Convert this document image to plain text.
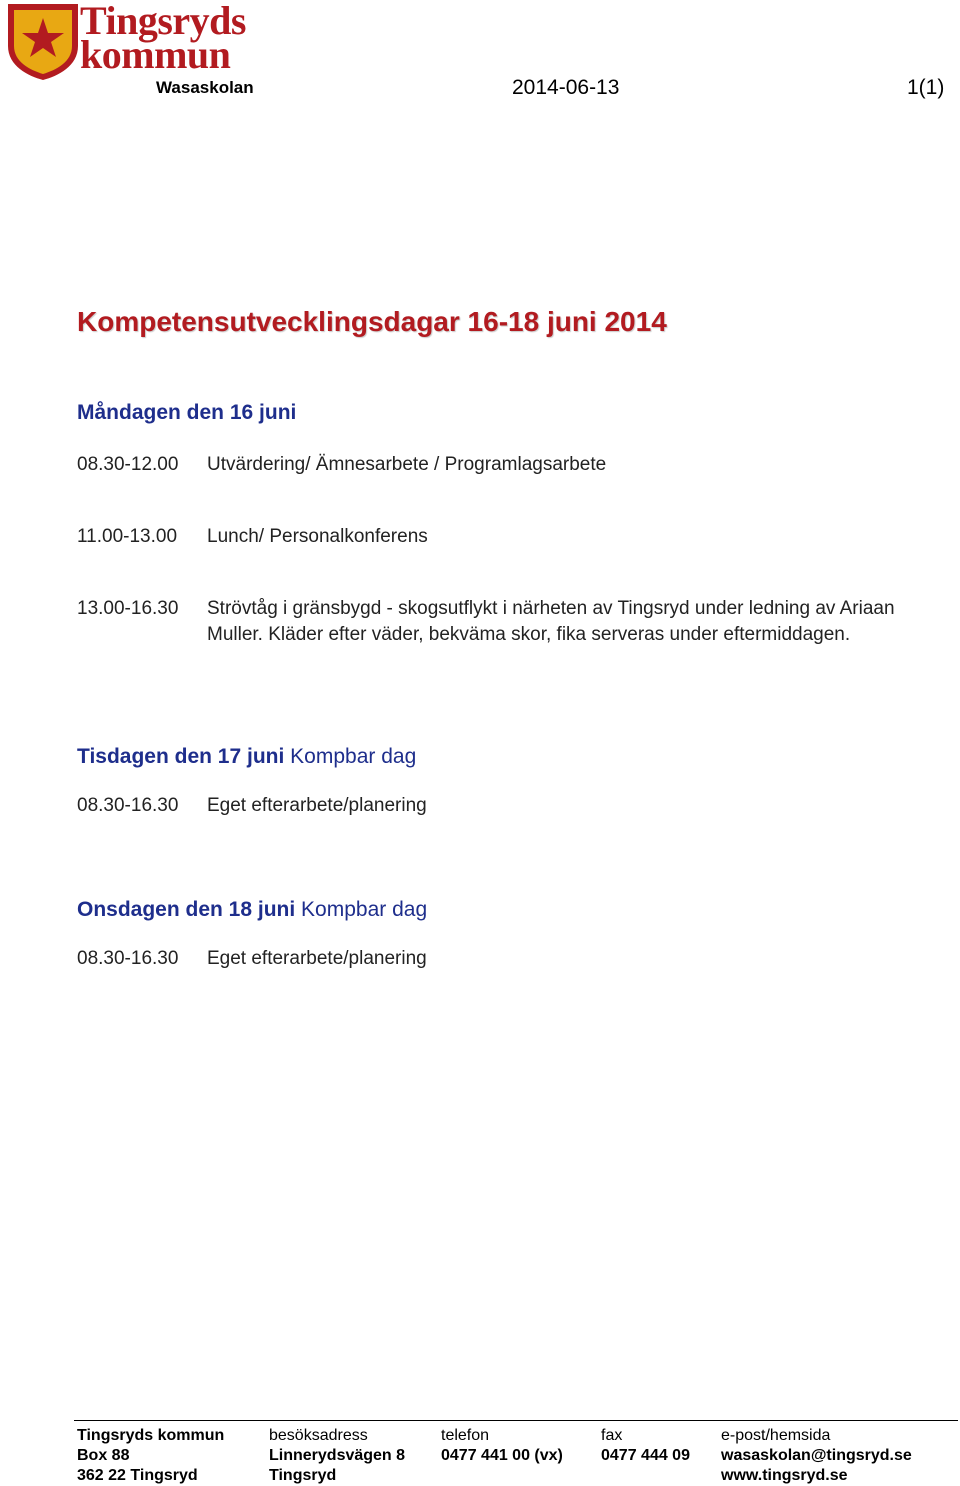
Tingsryds
kommun
Wasaskolan	2014-06-13	1(1)
Kompetensutvecklingsdagar 16-18 juni 2014
Måndagen den 16 juni
08.30-12.00 Utvärdering/ Ämnesarbete / Programlagsarbete
11.00-13.00 Lunch/ Personalkonferens
13.00-16.30 Strövtåg i gränsbygd - skogsutflykt i närheten av Tingsryd under ledning av Ariaan Muller. Kläder efter väder, bekväma skor, fika serveras under eftermiddagen.
Tisdagen den 17 juni Kompbar dag
08.30-16.30 Eget efterarbete/planering
Onsdagen den 18 juni Kompbar dag
08.30-16.30 Eget efterarbete/planering
Tingsryds kommun
Box 88
362 22 Tingsryd
besöksadress
Linnerydsvägen 8
Tingsryd
telefon
0477 441 00 (vx)
fax
0477 444 09
e-post/hemsida
wasaskolan@tingsryd.se
www.tingsryd.se
